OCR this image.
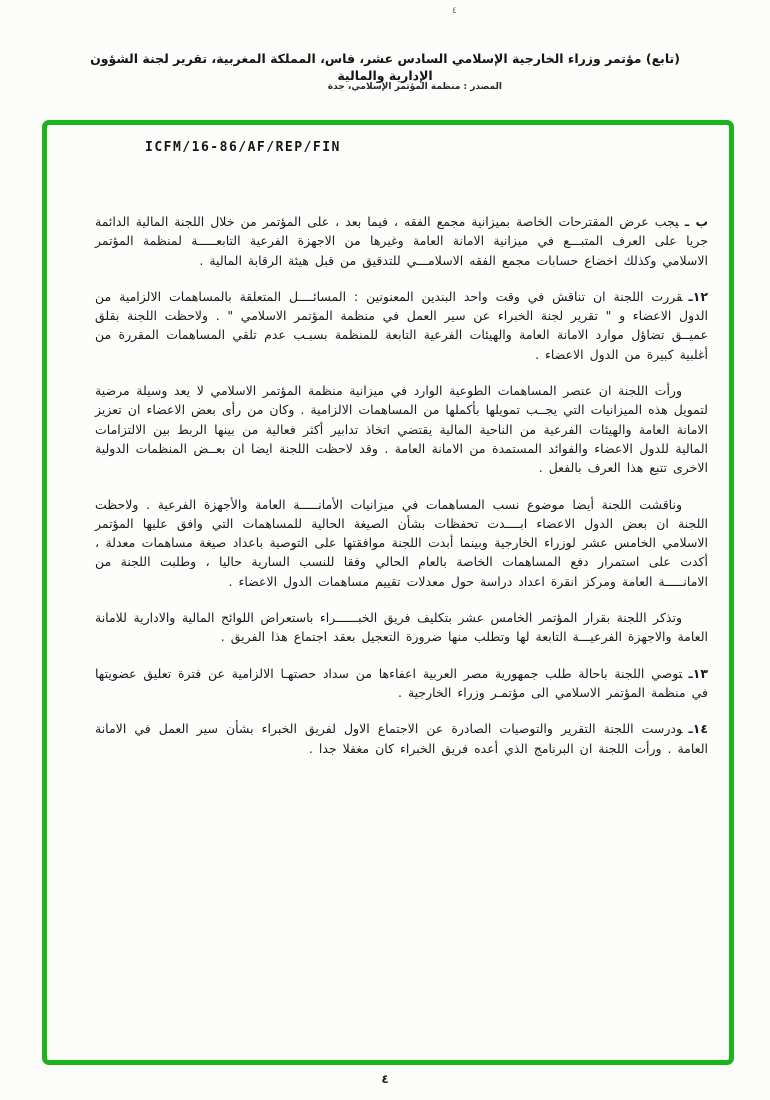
٤
(تابع) مؤتمر وزراء الخارجية الإسلامي السادس عشر، فاس، المملكة المغربية، تقرير لجنة الشؤون الإدارية والمالية
المصدر : منظمة المؤتمر الإسلامي، جدة
ICFM/16-86/AF/REP/FIN
ب ـيجب عرض المقترحات الخاصة بميزانية مجمع الفقه ، فيما بعد ، على المؤتمر من خلال اللجنة المالية الدائمة جريا على العرف المتبـــع في ميزانية الامانة العامة وغيرها من الاجهزة الفرعية التابعـــــة لمنظمة المؤتمر الاسلامي وكذلك اخضاع حسابات مجمع الفقه الاسلامـــي للتدقيق من قبل هيئة الرقابة المالية .
١٢ـقررت اللجنة ان تناقش في وقت واحد البندين المعنونين : المسائــــل المتعلقة بالمساهمات الالزامية من الدول الاعضاء و " تقرير لجنة الخبراء عن سير العمل في منظمة المؤتمر الاسلامي " . ولاحظت اللجنة بقلق عميــق تضاؤل موارد الامانة العامة والهيئات الفرعية التابعة للمنظمة بسبـب عدم تلقي المساهمات المقررة من أغلبية كبيرة من الدول الاعضاء .
ورأت اللجنة ان عنصر المساهمات الطوعية الوارد في ميزانية منظمة المؤتمر الاسلامي لا يعد وسيلة مرضية لتمويل هذه الميزانيات التي يجــب تمويلها بأكملها من المساهمات الالزامية . وكان من رأى بعض الاعضاء ان تعزيز الامانة العامة والهيئات الفرعية من الناحية المالية يقتضي اتخاذ تدابير أكثر فعالية من بينها الربط بين الالتزامات المالية للدول الاعضاء والفوائد المستمدة من الامانة العامة . وقد لاحظت اللجنة ايضا ان بعــض المنظمات الدولية الاخرى تتبع هذا العرف بالفعل .
وناقشت اللجنة أيضا موضوع نسب المساهمات في ميزانيات الأمانـــــة العامة والأجهزة الفرعية . ولاحظت اللجنة ان بعض الدول الاعضاء ابــــدت تحفظات بشأن الصيغة الحالية للمساهمات التي وافق عليها المؤتمر الاسلامي الخامس عشر لوزراء الخارجية وبينما أبدت اللجنة موافقتها على التوصية باعداد صيغة مساهمات معدلة ، أكدت على استمرار دفع المساهمات الخاصة بالعام الحالي وفقا للنسب السارية حاليا ، وطلبت اللجنة من الامانـــــة العامة ومركز انقرة اعداد دراسة حول معدلات تقييم مساهمات الدول الاعضاء .
وتذكر اللجنة بقرار المؤتمر الخامس عشر بتكليف فريق الخبــــــراء باستعراض اللوائح المالية والادارية للامانة العامة والاجهزة الفرعيـــة التابعة لها وتطلب منها ضرورة التعجيل بعقد اجتماع هذا الفريق .
١٣ـتوصي اللجنة باحالة طلب جمهورية مصر العربية اعفاءها من سداد حصتهـا الالزامية عن فترة تعليق عضويتها في منظمة المؤتمر الاسلامي الى مؤتمـر وزراء الخارجية .
١٤ـودرست اللجنة التقرير والتوصيات الصادرة عن الاجتماع الاول لفريق الخبراء بشأن سير العمل في الامانة العامة . ورأت اللجنة ان البرنامج الذي أعده فريق الخبراء كان مغفلا جدا .
٤
